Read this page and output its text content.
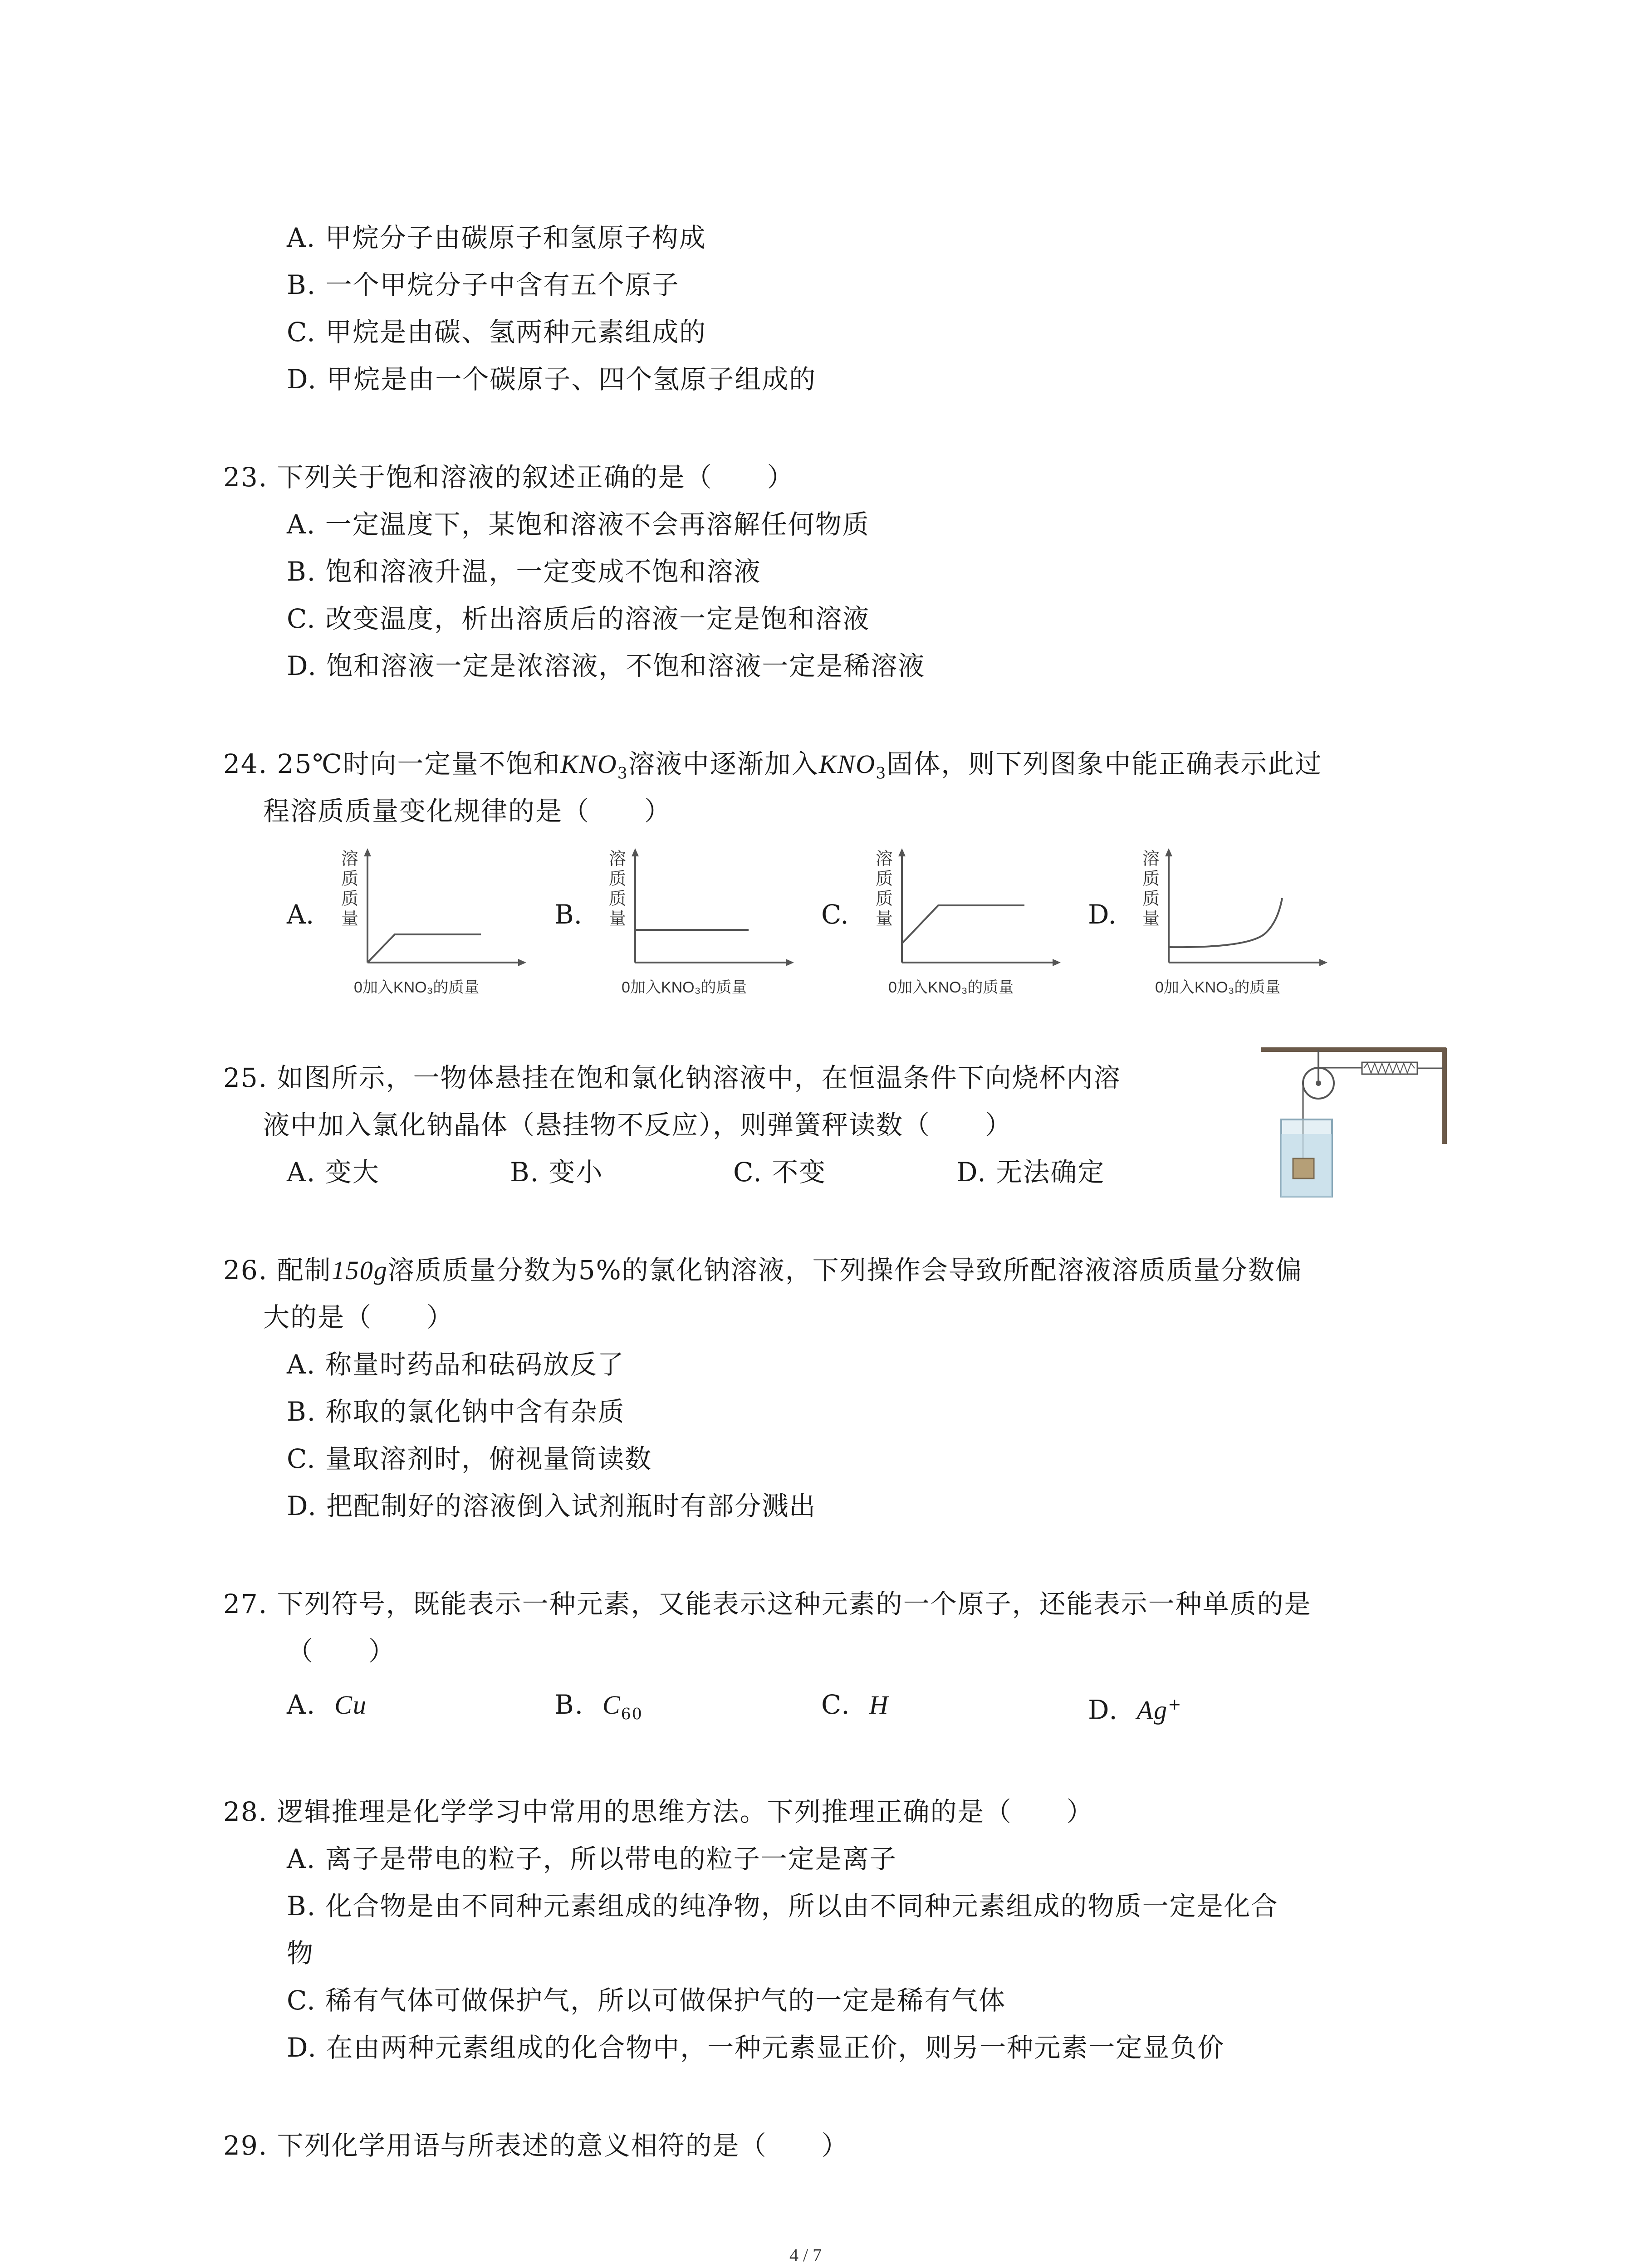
A. 甲烷分子由碳原子和氢原子构成
B. 一个甲烷分子中含有五个原子
C. 甲烷是由碳、氢两种元素组成的
D. 甲烷是由一个碳原子、四个氢原子组成的
23. 下列关于饱和溶液的叙述正确的是（　　）
A. 一定温度下，某饱和溶液不会再溶解任何物质
B. 饱和溶液升温，一定变成不饱和溶液
C. 改变温度，析出溶质后的溶液一定是饱和溶液
D. 饱和溶液一定是浓溶液，不饱和溶液一定是稀溶液
24. 25℃时向一定量不饱和$KNO_3$溶液中逐渐加入$KNO_3$固体，则下列图象中能正确表示此过
程溶质质量变化规律的是（　　）
A.
溶
质
质
量
0加入KNO₃的质量
B.
溶
质
质
量
0加入KNO₃的质量
C.
溶
质
质
量
0加入KNO₃的质量
D.
溶
质
质
量
0加入KNO₃的质量
25. 如图所示，一物体悬挂在饱和氯化钠溶液中，在恒温条件下向烧杯内溶
液中加入氯化钠晶体（悬挂物不反应），则弹簧秤读数（　　）
A. 变大	B. 变小	C. 不变	D. 无法确定
26. 配制150g溶质质量分数为5%的氯化钠溶液，下列操作会导致所配溶液溶质质量分数偏
大的是（　　）
A. 称量时药品和砝码放反了
B. 称取的氯化钠中含有杂质
C. 量取溶剂时，俯视量筒读数
D. 把配制好的溶液倒入试剂瓶时有部分溅出
27. 下列符号，既能表示一种元素，又能表示这种元素的一个原子，还能表示一种单质的是
（　　）
A. Cu	B. $C_{60}$	C. H	D. Ag+
28. 逻辑推理是化学学习中常用的思维方法。下列推理正确的是（　　）
A. 离子是带电的粒子，所以带电的粒子一定是离子
B. 化合物是由不同种元素组成的纯净物，所以由不同种元素组成的物质一定是化合
物
C. 稀有气体可做保护气，所以可做保护气的一定是稀有气体
D. 在由两种元素组成的化合物中，一种元素显正价，则另一种元素一定显负价
29. 下列化学用语与所表述的意义相符的是（　　）
4 / 7
